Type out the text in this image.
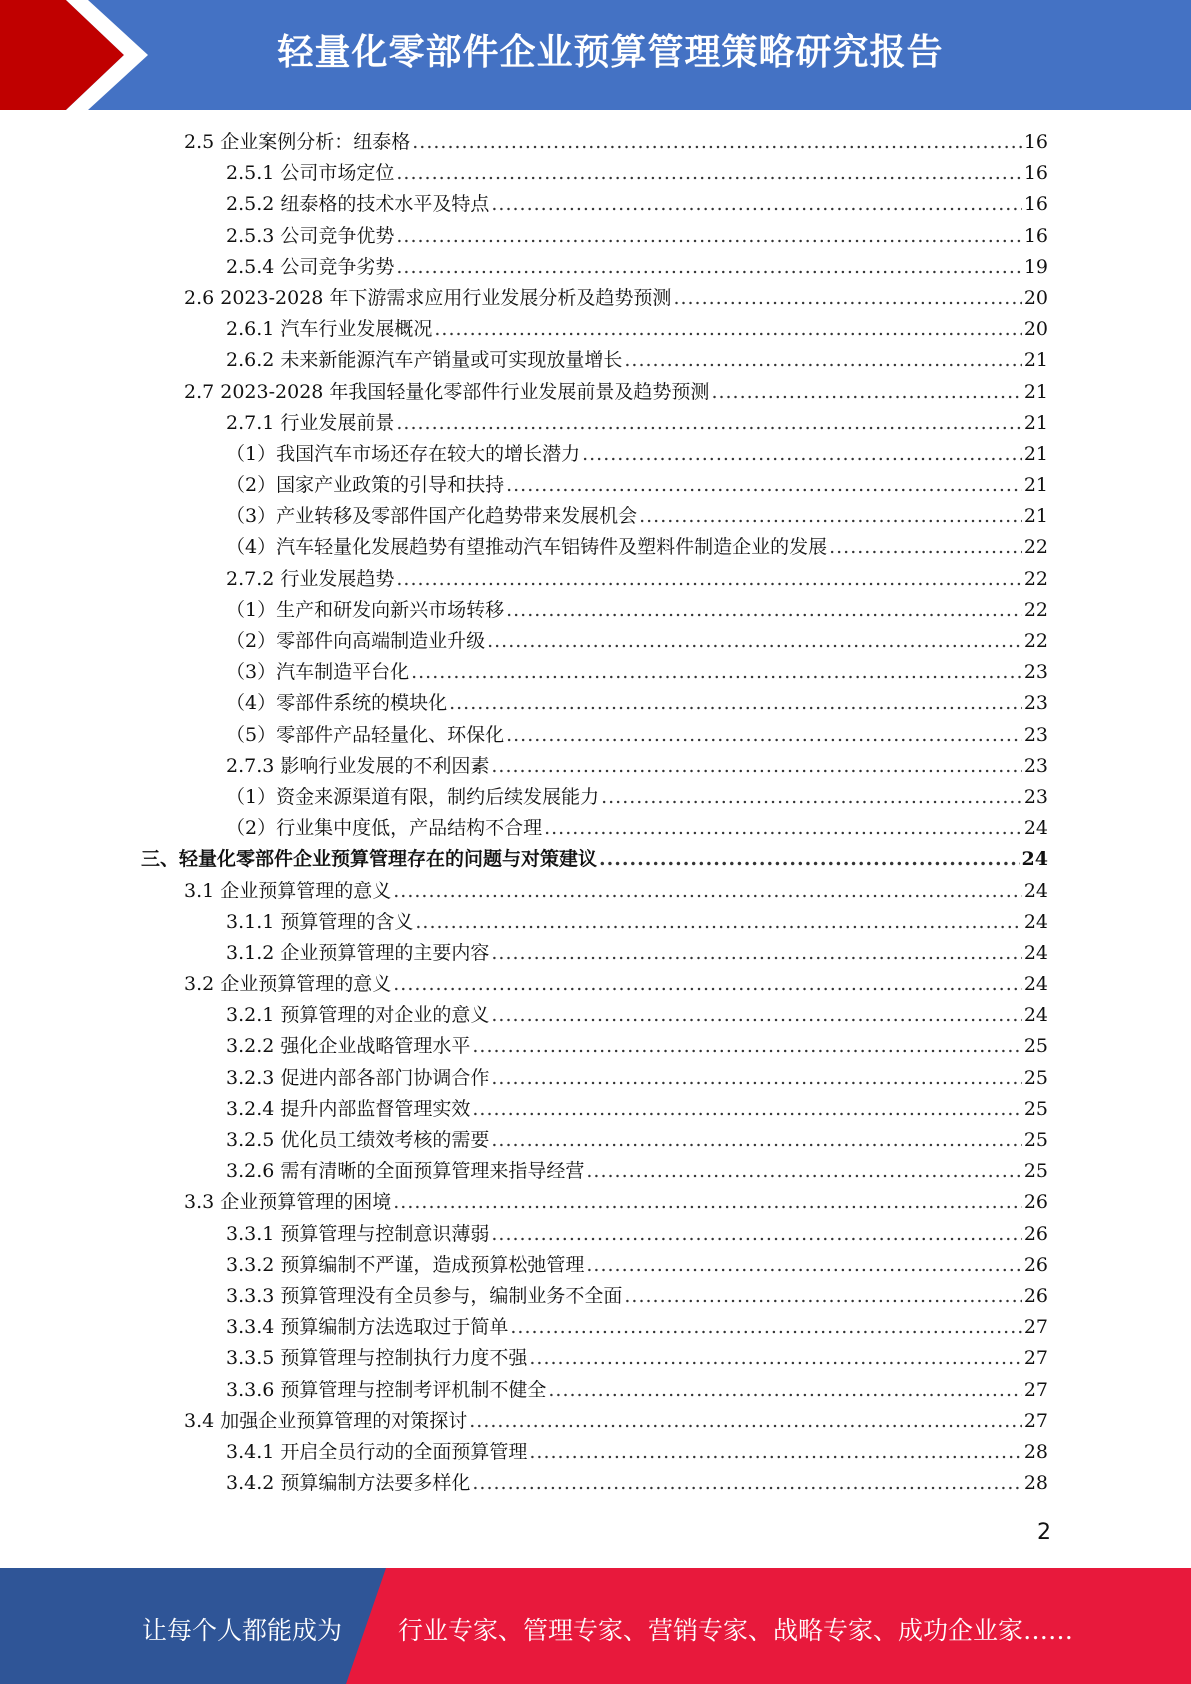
轻量化零部件企业预算管理策略研究报告
2.5 企业案例分析：纽泰格 .....	16
2.5.1 公司市场定位 .....	16
2.5.2 纽泰格的技术水平及特点 .....	16
2.5.3 公司竞争优势 .....	16
2.5.4 公司竞争劣势 .....	19
2.6 2023-2028 年下游需求应用行业发展分析及趋势预测 .....	20
2.6.1 汽车行业发展概况 .....	20
2.6.2 未来新能源汽车产销量或可实现放量增长 .....	21
2.7 2023-2028 年我国轻量化零部件行业发展前景及趋势预测 .....	21
2.7.1 行业发展前景 .....	21
（1）我国汽车市场还存在较大的增长潜力 .....	21
（2）国家产业政策的引导和扶持 .....	21
（3）产业转移及零部件国产化趋势带来发展机会 .....	21
（4）汽车轻量化发展趋势有望推动汽车铝铸件及塑料件制造企业的发展 .....	22
2.7.2 行业发展趋势 .....	22
（1）生产和研发向新兴市场转移 .....	22
（2）零部件向高端制造业升级 .....	22
（3）汽车制造平台化 .....	23
（4）零部件系统的模块化 .....	23
（5）零部件产品轻量化、环保化 .....	23
2.7.3 影响行业发展的不利因素 .....	23
（1）资金来源渠道有限，制约后续发展能力 .....	23
（2）行业集中度低，产品结构不合理 .....	24
三、轻量化零部件企业预算管理存在的问题与对策建议 .....	24
3.1 企业预算管理的意义 .....	24
3.1.1 预算管理的含义 .....	24
3.1.2 企业预算管理的主要内容 .....	24
3.2 企业预算管理的意义 .....	24
3.2.1 预算管理的对企业的意义 .....	24
3.2.2 强化企业战略管理水平 .....	25
3.2.3 促进内部各部门协调合作 .....	25
3.2.4 提升内部监督管理实效 .....	25
3.2.5 优化员工绩效考核的需要 .....	25
3.2.6 需有清晰的全面预算管理来指导经营 .....	25
3.3 企业预算管理的困境 .....	26
3.3.1 预算管理与控制意识薄弱 .....	26
3.3.2 预算编制不严谨，造成预算松弛管理 .....	26
3.3.3 预算管理没有全员参与，编制业务不全面 .....	26
3.3.4 预算编制方法选取过于简单 .....	27
3.3.5 预算管理与控制执行力度不强 .....	27
3.3.6 预算管理与控制考评机制不健全 .....	27
3.4 加强企业预算管理的对策探讨 .....	27
3.4.1 开启全员行动的全面预算管理 .....	28
3.4.2 预算编制方法要多样化 .....	28
2
让每个人都能成为 行业专家、管理专家、营销专家、战略专家、成功企业家……
